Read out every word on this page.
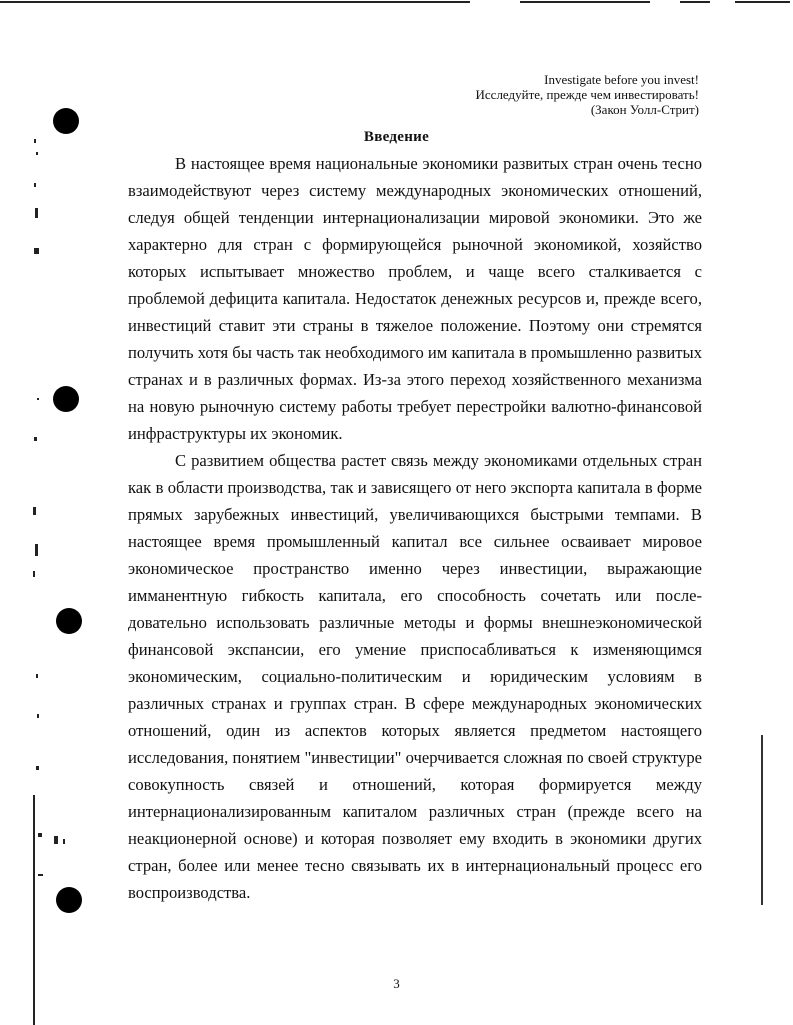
Investigate before you invest!
Исследуйте, прежде чем инвестировать!
(Закон Уолл-Стрит)
Введение

В настоящее время национальные экономики развитых стран очень тесно взаимодействуют через систему международных экономических отношений, следуя общей тенденции интернационализации мировой экономики. Это же характерно для стран с формирующейся рыночной экономикой, хозяйство которых испытывает множество проблем, и чаще всего сталкивается с проблемой дефицита капитала. Недостаток денежных ресурсов и, прежде всего, инвестиций ставит эти страны в тяжелое положение. Поэтому они стремятся получить хотя бы часть так необходимого им капитала в промышленно развитых странах и в различных формах. Из-за этого переход хозяйственного механизма на новую рыночную систему работы требует перестройки валютно-финансовой инфраструктуры их экономик.

С развитием общества растет связь между экономиками отдельных стран как в области производства, так и зависящего от него экспорта капитала в форме прямых зарубежных инвестиций, увеличивающихся быстрыми темпами. В настоящее время промышленный капитал все сильнее осваивает мировое экономическое пространство именно через инвестиции, выражающие имманентную гибкость капитала, его способность сочетать или последовательно использовать различные методы и формы внешнеэкономической финансовой экспансии, его умение приспосабливаться к изменяющимся экономическим, социально-политическим и юридическим условиям в различных странах и группах стран. В сфере международных экономических отношений, один из аспектов которых является предметом настоящего исследования, понятием "инвестиции" очерчивается сложная по своей структуре совокупность связей и отношений, которая формируется между интернационализированным капиталом различных стран (прежде всего на неакционерной основе) и которая позволяет ему входить в экономики других стран, более или менее тесно связывать их в интернациональный процесс его воспроизводства.

3
